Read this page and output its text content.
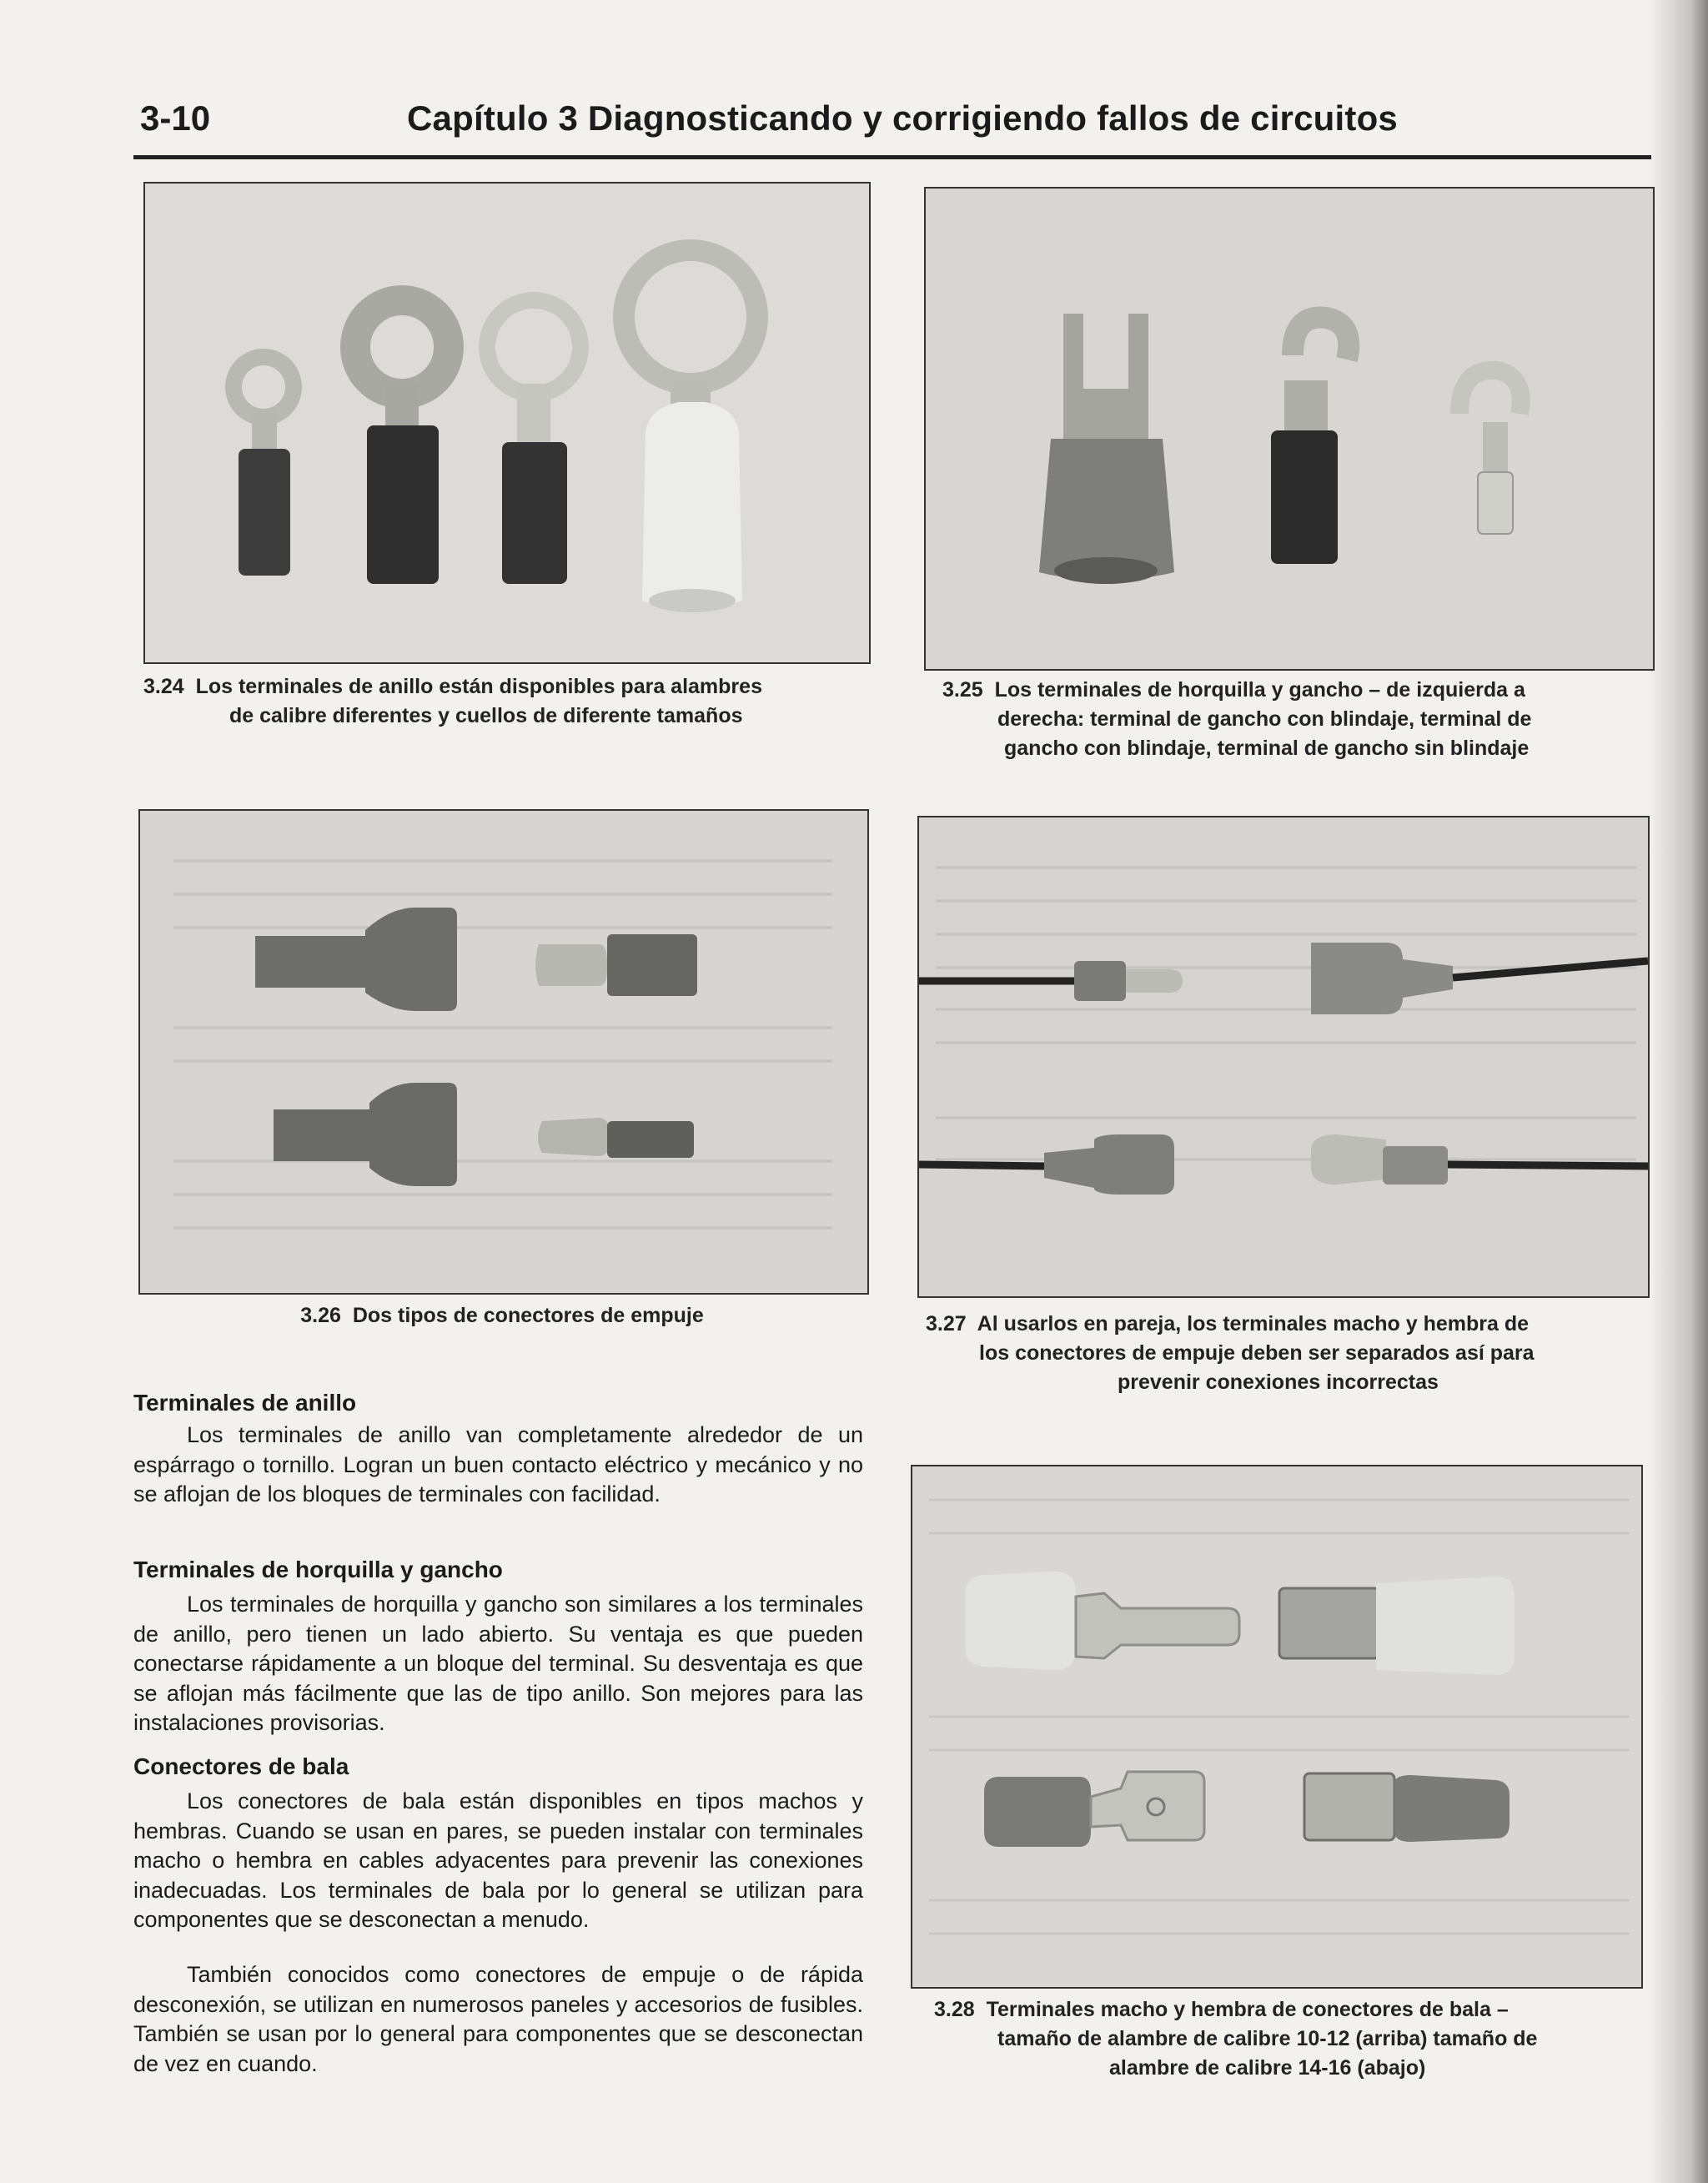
3-10	Capítulo 3 Diagnosticando y corrigiendo fallos de circuitos
3.24 Los terminales de anillo están disponibles para alambres
de calibre diferentes y cuellos de diferente tamaños
3.25 Los terminales de horquilla y gancho – de izquierda a
derecha: terminal de gancho con blindaje, terminal de
gancho con blindaje, terminal de gancho sin blindaje
3.26 Dos tipos de conectores de empuje	3.27 Al usarlos en pareja, los terminales macho y hembra de
los conectores de empuje deben ser separados así para
prevenir conexiones incorrectas
Terminales de anillo

Los terminales de anillo van completamente alrededor de un espárrago o tornillo. Logran un buen contacto eléctrico y mecánico y no se aflojan de los bloques de terminales con facilidad.

Terminales de horquilla y gancho

Los terminales de horquilla y gancho son similares a los terminales de anillo, pero tienen un lado abierto. Su ventaja es que pueden conectarse rápidamente a un bloque del terminal. Su desventaja es que se aflojan más fácilmente que las de tipo anillo. Son mejores para las instalaciones provisorias.

Conectores de bala

Los conectores de bala están disponibles en tipos machos y hembras. Cuando se usan en pares, se pueden instalar con terminales macho o hembra en cables adyacentes para prevenir las conexiones inadecuadas. Los terminales de bala por lo general se utilizan para componentes que se desconectan a menudo.

También conocidos como conectores de empuje o de rápida desconexión, se utilizan en numerosos paneles y accesorios de fusibles. También se usan por lo general para componentes que se desconectan de vez en cuando.

3.28 Terminales macho y hembra de conectores de bala –
tamaño de alambre de calibre 10-12 (arriba) tamaño de
alambre de calibre 14-16 (abajo)
